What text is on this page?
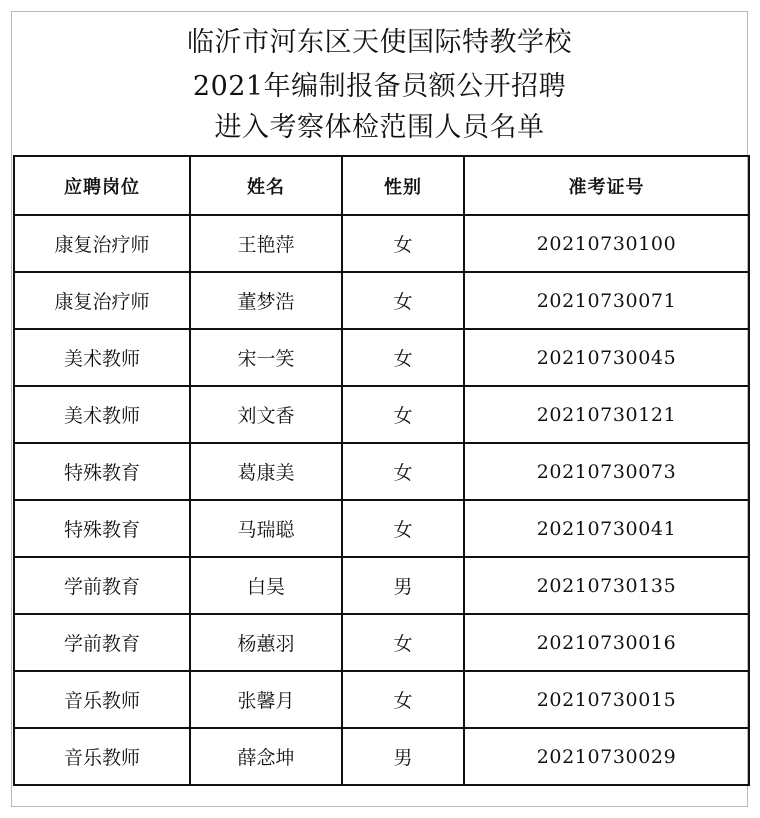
临沂市河东区天使国际特教学校
2021年编制报备员额公开招聘
进入考察体检范围人员名单
应聘岗位	姓名	性别	准考证号
康复治疗师	王艳萍	女	20210730100
康复治疗师	董梦浩	女	20210730071
美术教师	宋一笑	女	20210730045
美术教师	刘文香	女	20210730121
特殊教育	葛康美	女	20210730073
特殊教育	马瑞聪	女	20210730041
学前教育	白昊	男	20210730135
学前教育	杨蕙羽	女	20210730016
音乐教师	张馨月	女	20210730015
音乐教师	薛念坤	男	20210730029
